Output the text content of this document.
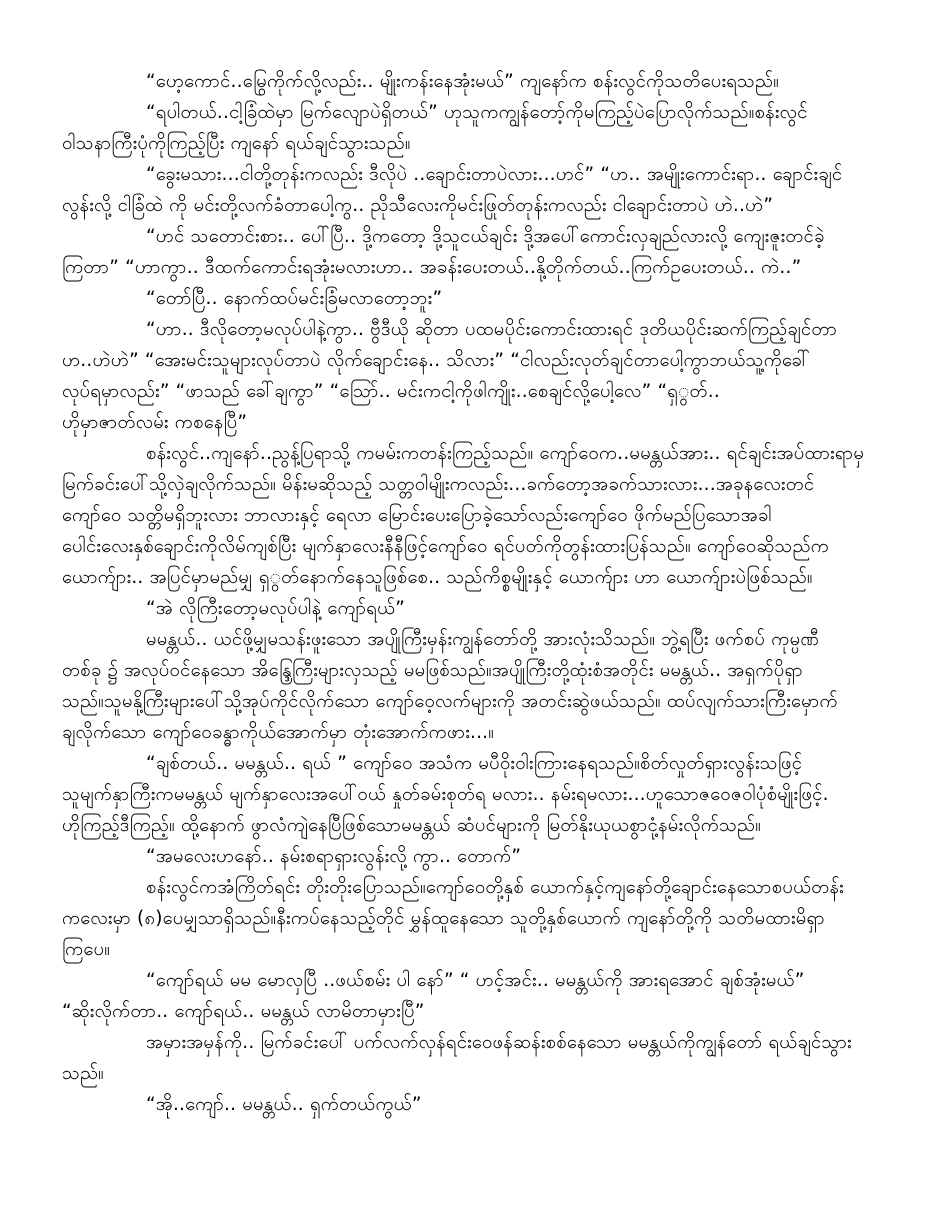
“ဟေ့ကောင်..မြွေကိုက်လို့လည်း.. မျိုးကန်းနေအုံးမယ်” ကျနော်က စန်းလွင်ကိုသတိပေးရသည်။
“ရပါတယ်..ငါ့ခြံထဲမှာ မြက်လျောပဲရှိတယ်” ဟုသူကကျွန်တော့်ကိုမကြည့်ပဲပြောလိုက်သည်။စန်းလွင်
ဝါသနာကြီးပုံကိုကြည့်ပြီး ကျနော် ရယ်ချင်သွားသည်။
“ခွေးမသား...ငါတို့တုန်းကလည်း ဒီလိုပဲ ..ချောင်းတာပဲလား...ဟင်” “ဟ.. အမျိုးကောင်းရာ.. ချောင်းချင်
လွန်းလို့ ငါခြံထဲ ကို မင်းတို့လက်ခံတာပေါ့ကွ.. ညိုသီလေးကိုမင်းဖြုတ်တုန်းကလည်း ငါချောင်းတာပဲ ဟဲ..ဟဲ”
“ဟင် သတောင်းစား.. ပေါ်ပြီ.. ဒို့ကတော့ ဒို့သူငယ်ချင်း ဒို့အပေါ်ကောင်းလှချည်လားလို့ ကျေးဇူးတင်ခဲ့
ကြတာ” “ဟာကွာ.. ဒီထက်ကောင်းရအုံးမလားဟာ.. အခန်းပေးတယ်..နို့တိုက်တယ်..ကြက်ဥပေးတယ်.. ကဲ..”
“တော်ပြီ.. နောက်ထပ်မင်းခြံမလာတော့ဘူး”
“ဟာ.. ဒီလိုတော့မလုပ်ပါနဲ့ကွာ.. ဗွီဒီယို ဆိုတာ ပထမပိုင်းကောင်းထားရင် ဒုတိယပိုင်းဆက်ကြည့်ချင်တာ
ဟ..ဟဲဟဲ” “အေးမင်းသူများလုပ်တာပဲ လိုက်ချောင်းနေ.. သိလား” “ငါလည်းလုတ်ချင်တာပေါ့ကွာဘယ်သူ့ကိုခေါ်
လုပ်ရမှာလည်း” “ဖာသည် ခေါ်ချကွာ” “သြော်.. မင်းကငါ့ကိုဖါကျိုး..စေချင်လို့ပေါ့လေ” “ရှွတ်..
ဟိုမှာဇာတ်လမ်း ကစနေပြီ”
စန်းလွင်..ကျနော်..ညွန့်ပြရာသို့ ကမမ်းကတန်းကြည့်သည်။ ကျော်ဝေက..မမန္တယ်အား.. ရင်ချင်းအပ်ထားရာမှ
မြက်ခင်းပေါ်သို့လှဲချလိုက်သည်။ မိန်းမဆိုသည့် သတ္တဝါမျိုးကလည်း...ခက်တော့အခက်သားလား...အခုနလေးတင်
ကျော်ဝေ သတ္တိမရှိဘူးလား ဘာလားနှင့် ရေလာ မြောင်းပေးပြောခဲ့သော်လည်းကျော်ဝေ ဖိုက်မည်ပြသောအခါ
ပေါင်းလေးနှစ်ချောင်းကိုလိမ်ကျစ်ပြီး မျက်နှာလေးနီနီဖြင့်ကျော်ဝေ ရင်ပတ်ကိုတွန်းထားပြန်သည်။ ကျော်ဝေဆိုသည်က
ယောက်ျား.. အပြင်မှာမည်မျှ ရှွတ်နောက်နေသူဖြစ်စေ.. သည်ကိစ္စမျိုးနှင့် ယောက်ျား ဟာ ယောက်ျားပဲဖြစ်သည်။
“အဲ လိုကြီးတော့မလုပ်ပါနဲ့ ကျော်ရယ်”
မမန္တယ်.. ယင်ဖို့မျှမသန်းဖူးသော အပျိုကြီးမှန်းကျွန်တော်တို့ အားလုံးသိသည်။ ဘွဲ့ရပြီး ဖက်စပ် ကုမ္ပဏီ
တစ်ခု ၌ အလုပ်ဝင်နေသော အိန္ဒြေကြီးများလှသည့် မမဖြစ်သည်။အပျိုကြီးတို့ထုံးစံအတိုင်း မမန္တယ်.. အရှက်ပိုရှာ
သည်။သူမနို့ကြီးများပေါ်သို့အုပ်ကိုင်လိုက်သော ကျော်ဝေ့လက်များကို အတင်းဆွဲဖယ်သည်။ ထပ်လျက်သားကြီးမှောက်
ချလိုက်သော ကျော်ဝေခန္ဓာကိုယ်အောက်မှာ တုံးအောက်ကဖား...။
“ချစ်တယ်.. မမန္တယ်.. ရယ် ” ကျော်ဝေ အသံက မပီဝိုးဝါးကြားနေရသည်။စိတ်လှုတ်ရှားလွန်းသဖြင့်
သူမျက်နှာကြီးကမမန္တယ် မျက်နှာလေးအပေါ်ဝယ် နှုတ်ခမ်းစုတ်ရ မလား.. နမ်းရမလား...ဟူသောဇဝေဇဝါပုံစံမျိုးဖြင့်.
ဟိုကြည့်ဒီကြည့်။ ထို့နောက် ဖွာလံကျဲနေပြီဖြစ်သောမမန္တယ် ဆံပင်များကို မြတ်နိုးယုယစွာငုံ့နမ်းလိုက်သည်။
“အမလေးဟနော်.. နမ်းစရာရှားလွန်းလို့ ကွာ.. တောက်”
စန်းလွင်ကအံကြိတ်ရင်း တိုးတိုးပြောသည်။ကျော်ဝေတို့နှစ် ယောက်နှင့်ကျနော်တို့ချောင်းနေသောစပယ်တန်း
ကလေးမှာ (၈)ပေမျှသာရှိသည်။နီးကပ်နေသည့်တိုင် မွှန်ထူနေသော သူတို့နှစ်ယောက် ကျနော်တို့ကို သတိမထားမိရှာ
ကြပေ။
“ကျော်ရယ် မမ မောလှပြီ ..ဖယ်စမ်း ပါ နော်” “ ဟင့်အင်း.. မမန္တယ်ကို အားရအောင် ချစ်အုံးမယ်”
“ဆိုးလိုက်တာ.. ကျော်ရယ်.. မမန္တယ် လာမိတာမှားပြီ”
အမှားအမှန်ကို.. မြက်ခင်းပေါ် ပက်လက်လှန်ရင်းဝေဖန်ဆန်းစစ်နေသော မမန္တယ်ကိုကျွန်တော် ရယ်ချင်သွား
သည်။
“အို..ကျော်.. မမန္တယ်.. ရှက်တယ်ကွယ်”
